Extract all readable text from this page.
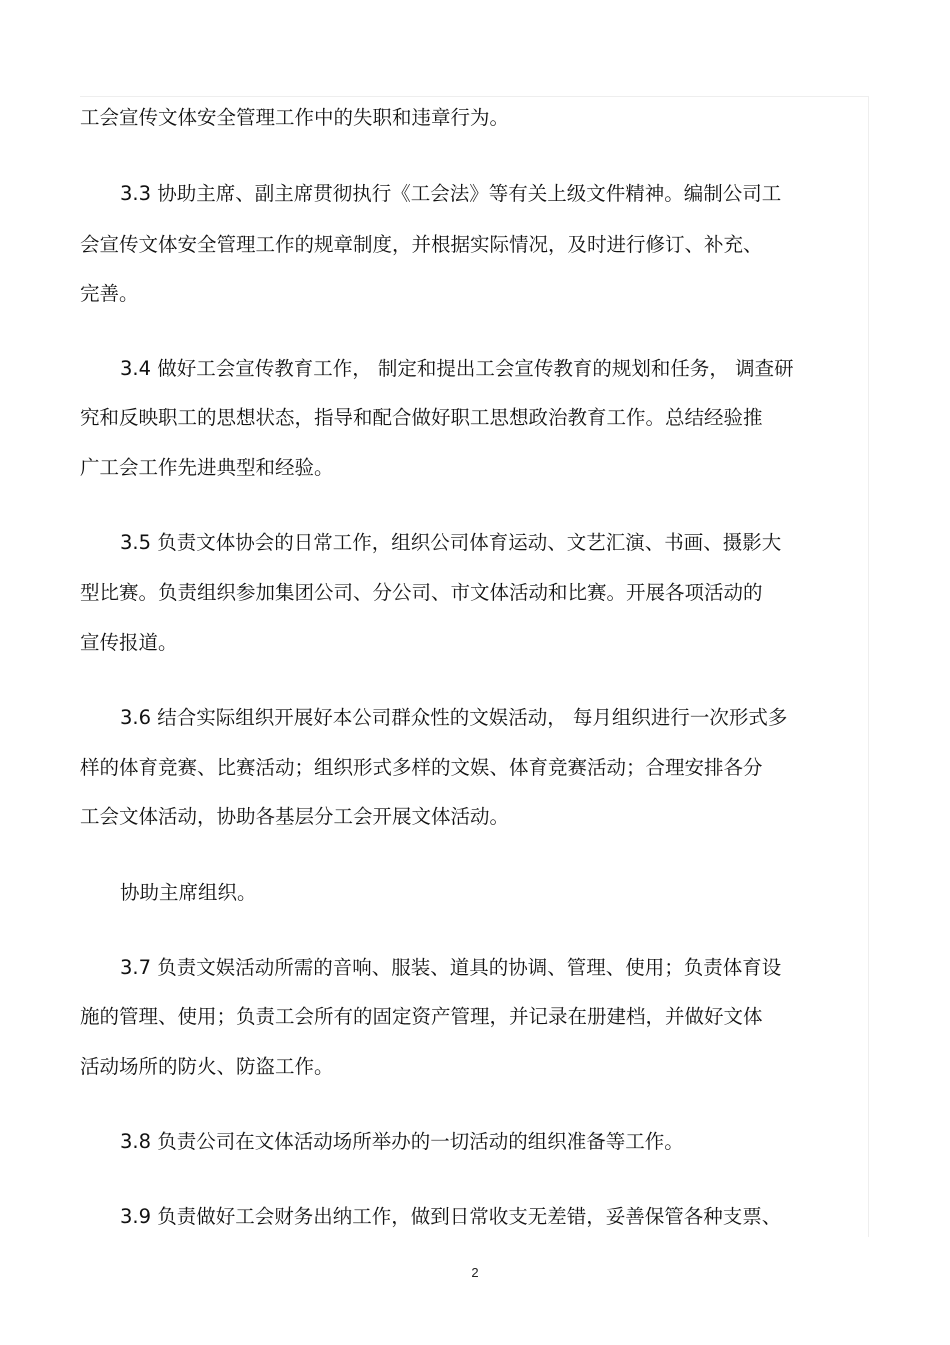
工会宣传文体安全管理工作中的失职和违章行为。
3.3 协助主席、副主席贯彻执行《工会法》等有关上级文件精神。编制公司工
会宣传文体安全管理工作的规章制度，并根据实际情况，及时进行修订、补充、
完善。
3.4 做好工会宣传教育工作， 制定和提出工会宣传教育的规划和任务， 调查研
究和反映职工的思想状态，指导和配合做好职工思想政治教育工作。总结经验推
广工会工作先进典型和经验。
3.5 负责文体协会的日常工作，组织公司体育运动、文艺汇演、书画、摄影大
型比赛。负责组织参加集团公司、分公司、市文体活动和比赛。开展各项活动的
宣传报道。
3.6 结合实际组织开展好本公司群众性的文娱活动， 每月组织进行一次形式多
样的体育竞赛、比赛活动；组织形式多样的文娱、体育竞赛活动；合理安排各分
工会文体活动，协助各基层分工会开展文体活动。
协助主席组织。
3.7 负责文娱活动所需的音响、服装、道具的协调、管理、使用；负责体育设
施的管理、使用；负责工会所有的固定资产管理，并记录在册建档，并做好文体
活动场所的防火、防盗工作。
3.8 负责公司在文体活动场所举办的一切活动的组织准备等工作。
3.9 负责做好工会财务出纳工作，做到日常收支无差错，妥善保管各种支票、
2
